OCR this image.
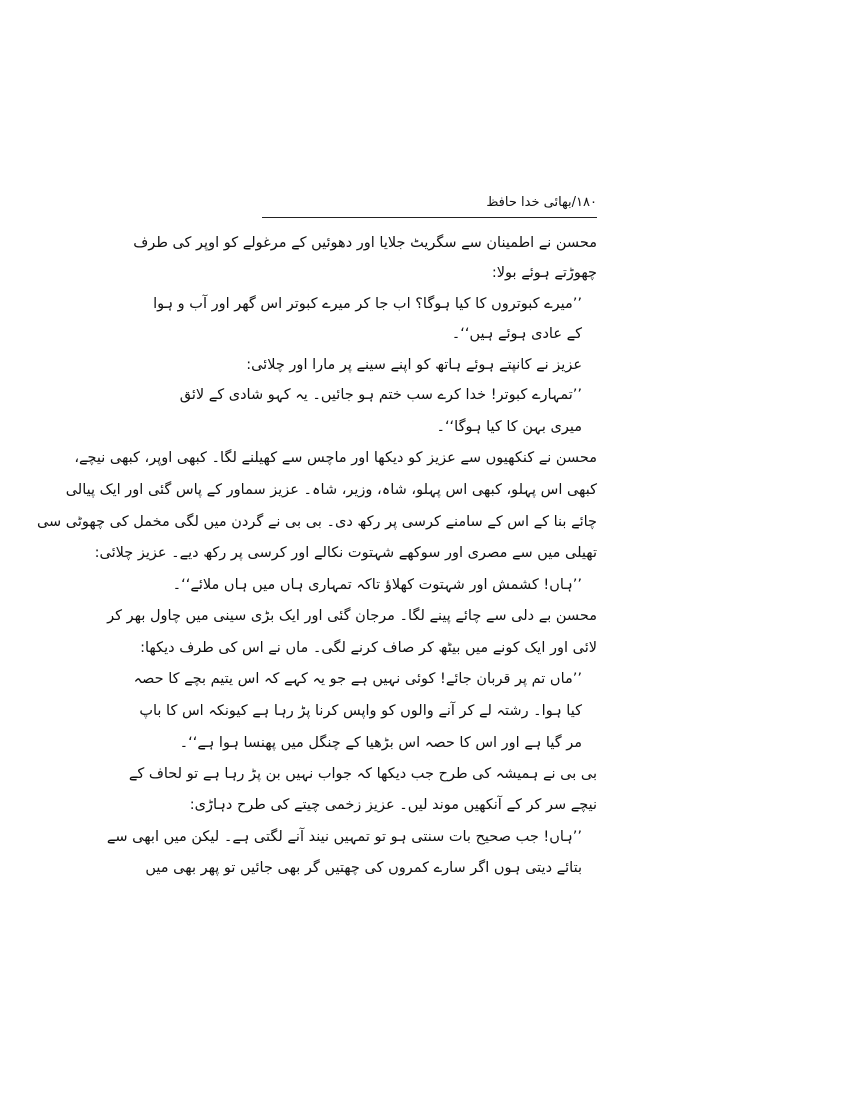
۱۸۰/بھائی خدا حافظ
محسن نے اطمینان سے سگریٹ جلایا اور دھوئیں کے مرغولے کو اوپر کی طرف
چھوڑتے ہوئے بولا:
’’میرے کبوتروں کا کیا ہوگا؟ اب جا کر میرے کبوتر اس گھر اور آب و ہوا
کے عادی ہوئے ہیں‘‘۔
عزیز نے کانپتے ہوئے ہاتھ کو اپنے سینے پر مارا اور چلائی:
’’تمہارے کبوتر! خدا کرے سب ختم ہو جائیں۔ یہ کہو شادی کے لائق
میری بہن کا کیا ہوگا‘‘۔
محسن نے کنکھیوں سے عزیز کو دیکھا اور ماچس سے کھیلنے لگا۔ کبھی اوپر، کبھی نیچے،
کبھی اس پہلو، کبھی اس پہلو، شاہ، وزیر، شاہ۔ عزیز سماور کے پاس گئی اور ایک پیالی
چائے بنا کے اس کے سامنے کرسی پر رکھ دی۔ بی بی نے گردن میں لگی مخمل کی چھوٹی سی
تھیلی میں سے مصری اور سوکھے شہتوت نکالے اور کرسی پر رکھ دیے۔ عزیز چلائی:
’’ہاں! کشمش اور شہتوت کھلاؤ تاکہ تمہاری ہاں میں ہاں ملائے‘‘۔
محسن بے دلی سے چائے پینے لگا۔ مرجان گئی اور ایک بڑی سینی میں چاول بھر کر
لائی اور ایک کونے میں بیٹھ کر صاف کرنے لگی۔ ماں نے اس کی طرف دیکھا:
’’ماں تم پر قربان جائے! کوئی نہیں ہے جو یہ کہے کہ اس یتیم بچے کا حصہ
کیا ہوا۔ رشتہ لے کر آنے والوں کو واپس کرنا پڑ رہا ہے کیونکہ اس کا باپ
مر گیا ہے اور اس کا حصہ اس بڑھیا کے چنگل میں پھنسا ہوا ہے‘‘۔
بی بی نے ہمیشہ کی طرح جب دیکھا کہ جواب نہیں بن پڑ رہا ہے تو لحاف کے
نیچے سر کر کے آنکھیں موند لیں۔ عزیز زخمی چیتے کی طرح دہاڑی:
’’ہاں! جب صحیح بات سنتی ہو تو تمہیں نیند آنے لگتی ہے۔ لیکن میں ابھی سے
بتائے دیتی ہوں اگر سارے کمروں کی چھتیں گر بھی جائیں تو پھر بھی میں
